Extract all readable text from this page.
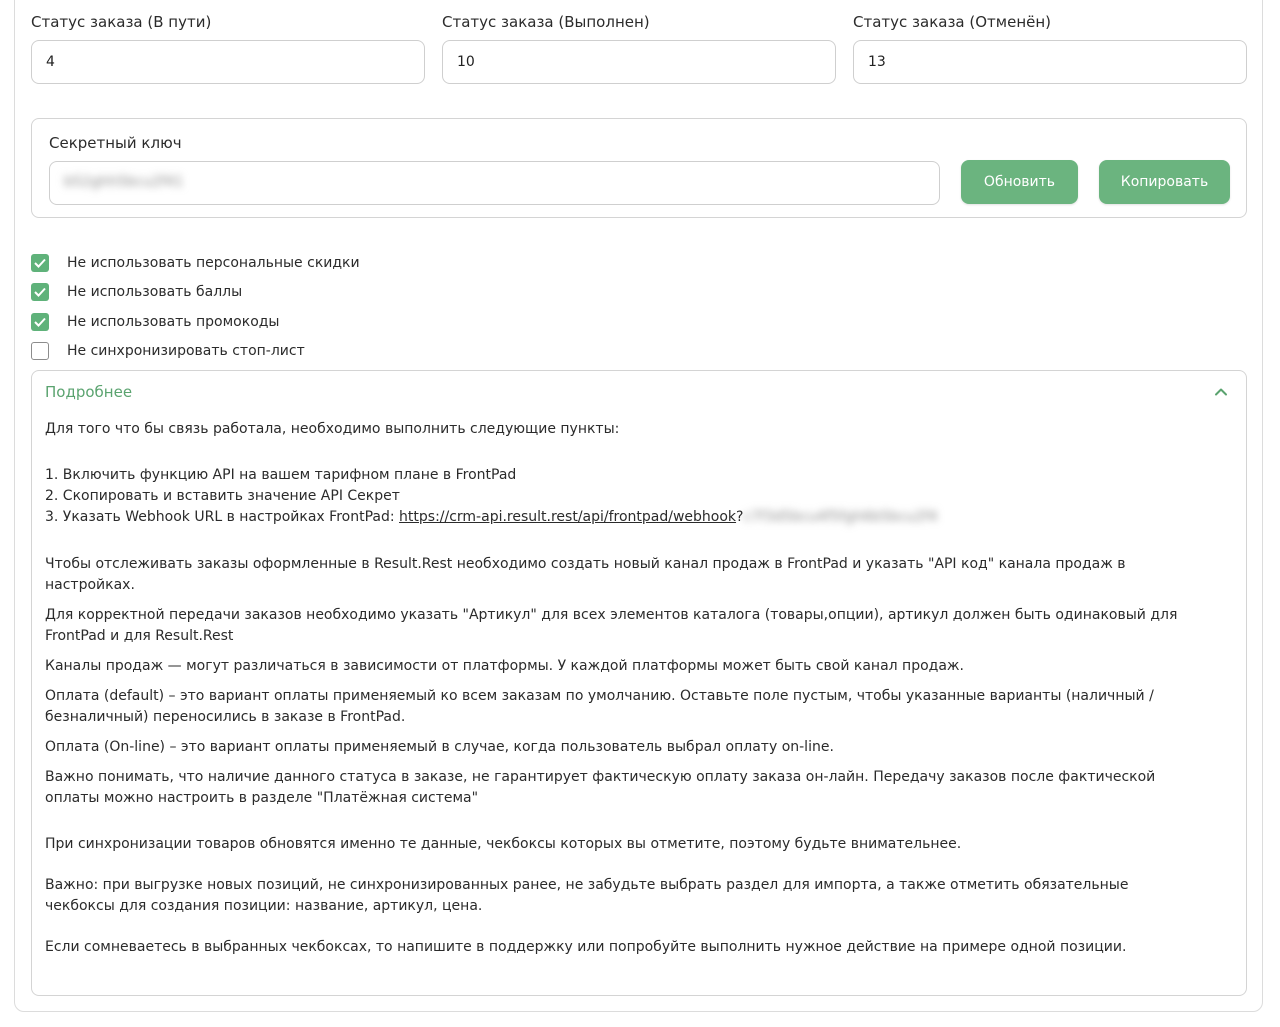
Статус заказа (В пути)
4	Статус заказа (Выполнен)
10	Статус заказа (Отменён)
13
Секретный ключ
b52ghh5bcu2f41	Обновить	Копировать
Не использовать персональные скидки
Не использовать баллы
Не использовать промокоды
Не синхронизировать стоп-лист
Подробнее

Для того что бы связь работала, необходимо выполнить следующие пункты:

1. Включить функцию API на вашем тарифном плане в FrontPad

2. Скопировать и вставить значение API Секрет

3. Указать Webhook URL в настройках FrontPad: https://crm-api.result.rest/api/frontpad/webhook?c7f3d5bcu4f5fgh6b5bcu2f4

Чтобы отслеживать заказы оформленные в Result.Rest необходимо создать новый канал продаж в FrontPad и указать "API код" канала продаж в настройках.

Для корректной передачи заказов необходимо указать "Артикул" для всех элементов каталога (товары,опции), артикул должен быть одинаковый для FrontPad и для Result.Rest

Каналы продаж — могут различаться в зависимости от платформы. У каждой платформы может быть свой канал продаж.

Оплата (default) – это вариант оплаты применяемый ко всем заказам по умолчанию. Оставьте поле пустым, чтобы указанные варианты (наличный / безналичный) переносились в заказе в FrontPad.

Оплата (On-line) – это вариант оплаты применяемый в случае, когда пользователь выбрал оплату on-line.

Важно понимать, что наличие данного статуса в заказе, не гарантирует фактическую оплату заказа он-лайн. Передачу заказов после фактической оплаты можно настроить в разделе "Платёжная система"

При синхронизации товаров обновятся именно те данные, чекбоксы которых вы отметите, поэтому будьте внимательнее.

Важно: при выгрузке новых позиций, не синхронизированных ранее, не забудьте выбрать раздел для импорта, а также отметить обязательные чекбоксы для создания позиции: название, артикул, цена.

Если сомневаетесь в выбранных чекбоксах, то напишите в поддержку или попробуйте выполнить нужное действие на примере одной позиции.
